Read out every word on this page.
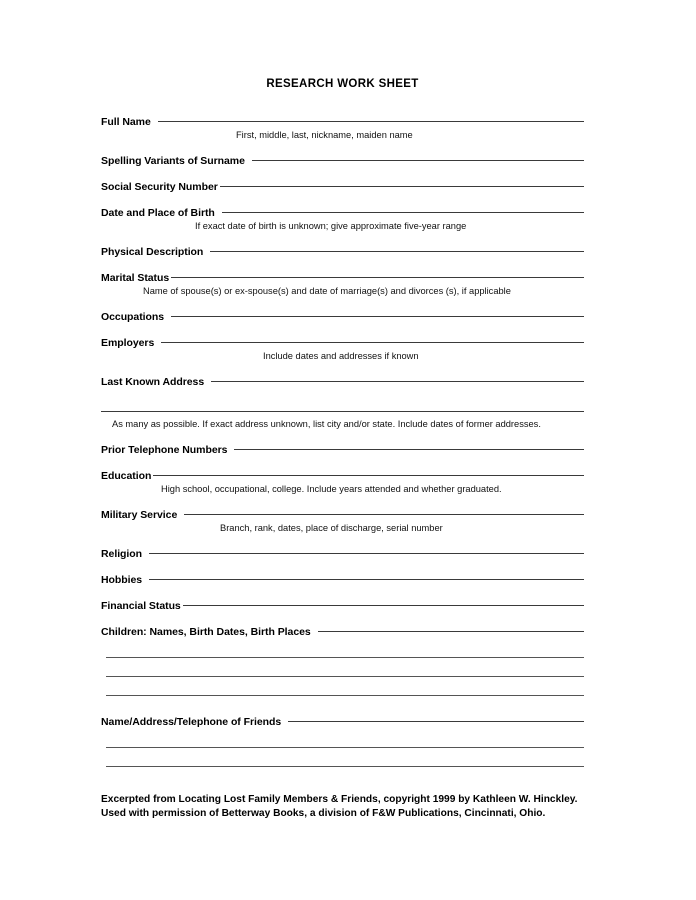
RESEARCH WORK SHEET
Full Name
First, middle, last, nickname, maiden name
Spelling Variants of Surname
Social Security Number
Date and Place of Birth
If exact date of birth is unknown; give approximate five-year range
Physical Description
Marital Status
Name of spouse(s) or ex-spouse(s) and date of marriage(s) and divorces (s), if applicable
Occupations
Employers
Include dates and addresses if known
Last Known Address
As many as possible. If exact address unknown, list city and/or state. Include dates of former addresses.
Prior Telephone Numbers
Education
High school, occupational, college. Include years attended and whether graduated.
Military Service
Branch, rank, dates, place of discharge, serial number
Religion
Hobbies
Financial Status
Children: Names, Birth Dates, Birth Places
Name/Address/Telephone of Friends
Excerpted from Locating Lost Family Members & Friends, copyright 1999 by Kathleen W. Hinckley. Used with permission of Betterway Books, a division of F&W Publications, Cincinnati, Ohio.
